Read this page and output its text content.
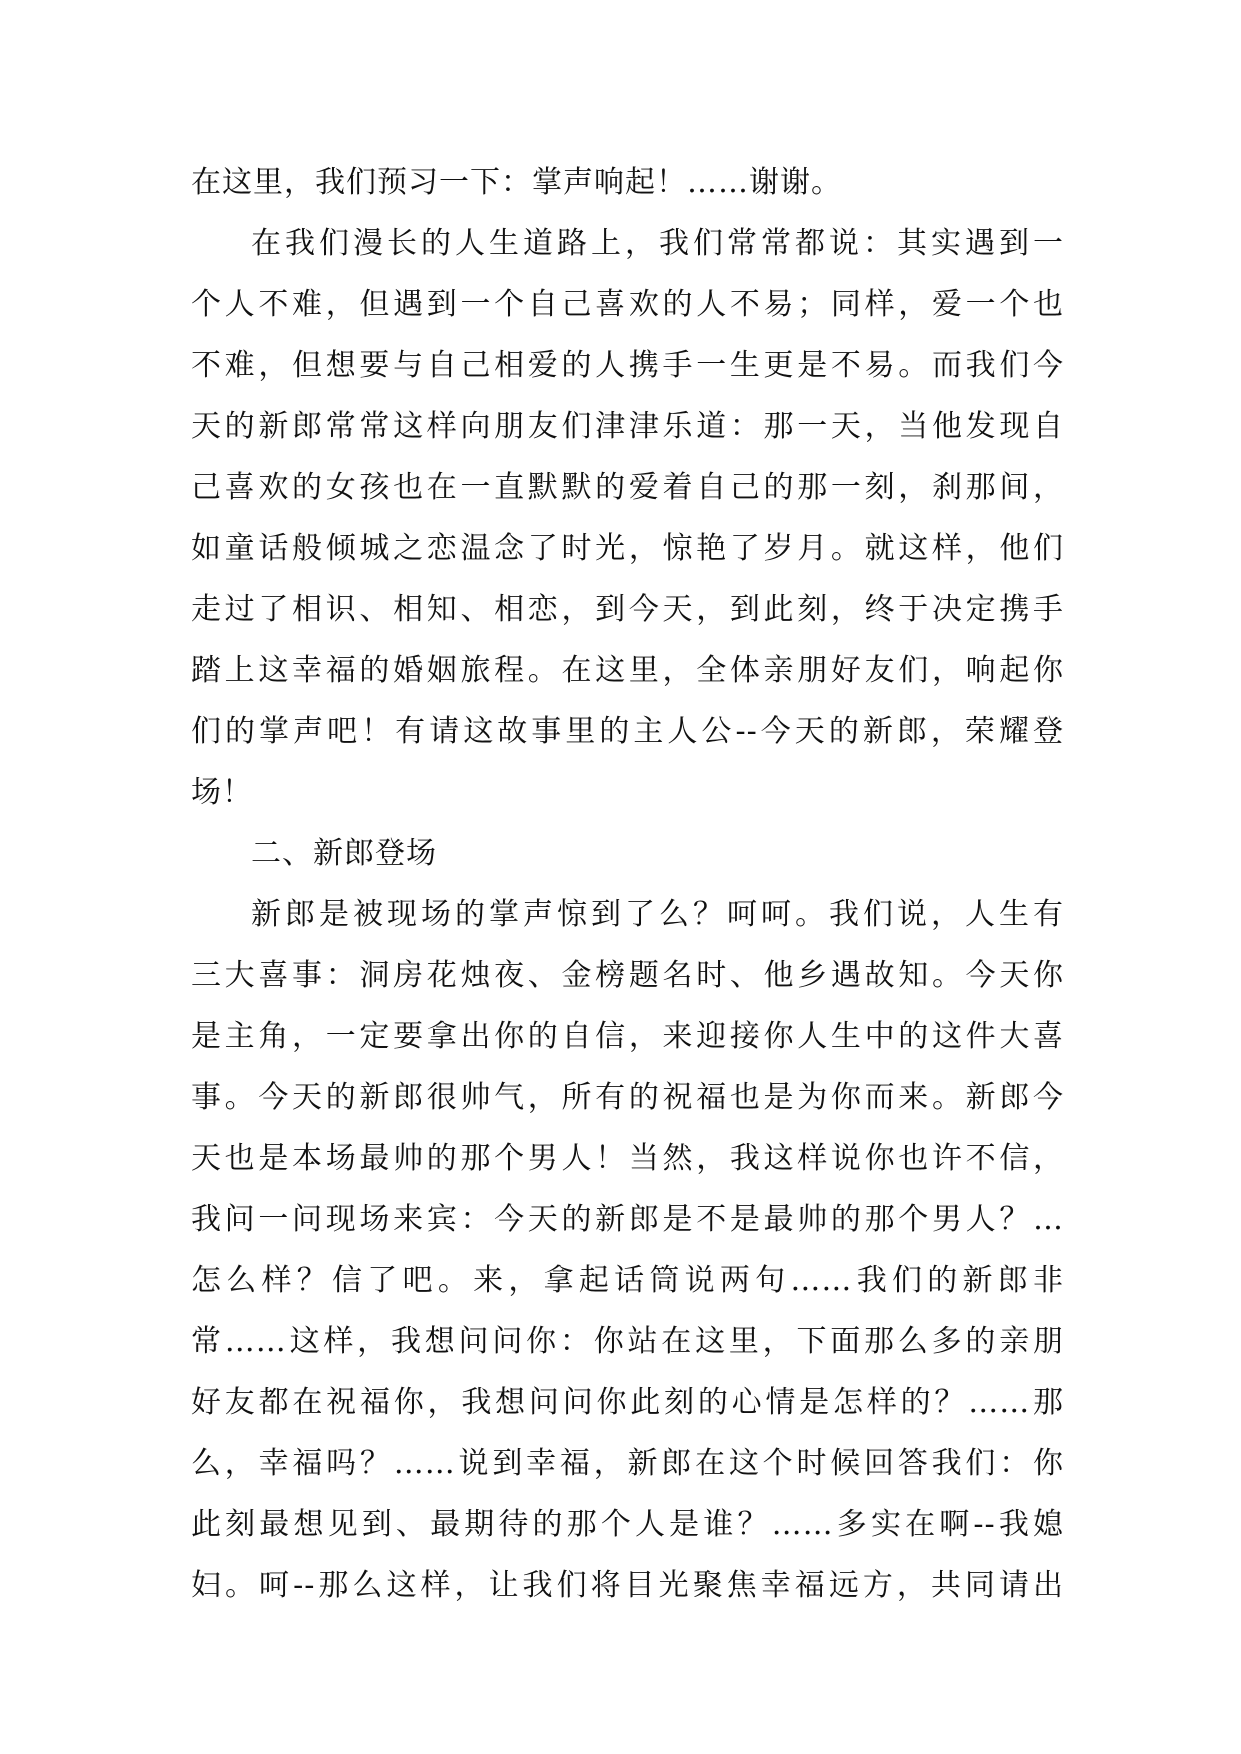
在这里，我们预习一下：掌声响起！……谢谢。
在我们漫长的人生道路上，我们常常都说：其实遇到一
个人不难，但遇到一个自己喜欢的人不易；同样，爱一个也
不难，但想要与自己相爱的人携手一生更是不易。而我们今
天的新郎常常这样向朋友们津津乐道：那一天，当他发现自
己喜欢的女孩也在一直默默的爱着自己的那一刻，刹那间，
如童话般倾城之恋温念了时光，惊艳了岁月。就这样，他们
走过了相识、相知、相恋，到今天，到此刻，终于决定携手
踏上这幸福的婚姻旅程。在这里，全体亲朋好友们，响起你
们的掌声吧！有请这故事里的主人公--今天的新郎，荣耀登
场！
二、新郎登场
新郎是被现场的掌声惊到了么？呵呵。我们说，人生有
三大喜事：洞房花烛夜、金榜题名时、他乡遇故知。今天你
是主角，一定要拿出你的自信，来迎接你人生中的这件大喜
事。今天的新郎很帅气，所有的祝福也是为你而来。新郎今
天也是本场最帅的那个男人！当然，我这样说你也许不信，
我问一问现场来宾：今天的新郎是不是最帅的那个男人？…
怎么样？信了吧。来，拿起话筒说两句……我们的新郎非
常……这样，我想问问你：你站在这里，下面那么多的亲朋
好友都在祝福你，我想问问你此刻的心情是怎样的？……那
么，幸福吗？……说到幸福，新郎在这个时候回答我们：你
此刻最想见到、最期待的那个人是谁？……多实在啊--我媳
妇。呵--那么这样，让我们将目光聚焦幸福远方，共同请出
